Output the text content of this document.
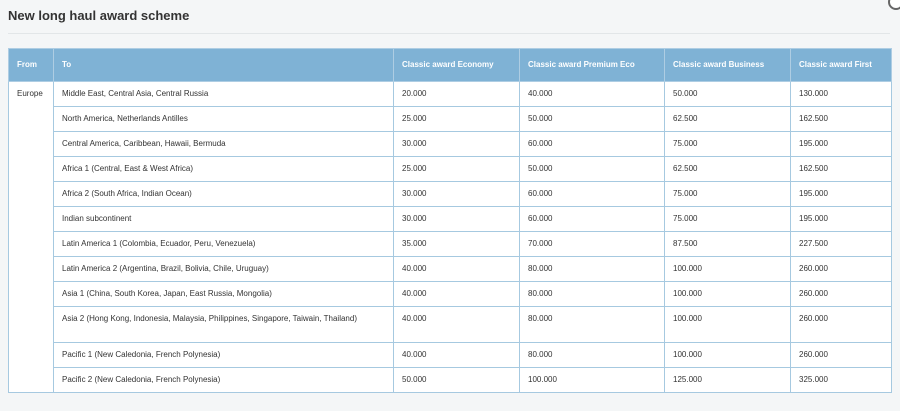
New long haul award scheme
From	To	Classic award Economy	Classic award Premium Eco	Classic award Business	Classic award First
Europe	Middle East, Central Asia, Central Russia	20.000	40.000	50.000	130.000
	North America, Netherlands Antilles	25.000	50.000	62.500	162.500
	Central America, Caribbean, Hawaii, Bermuda	30.000	60.000	75.000	195.000
	Africa 1 (Central, East & West Africa)	25.000	50.000	62.500	162.500
	Africa 2 (South Africa, Indian Ocean)	30.000	60.000	75.000	195.000
	Indian subcontinent	30.000	60.000	75.000	195.000
	Latin America 1 (Colombia, Ecuador, Peru, Venezuela)	35.000	70.000	87.500	227.500
	Latin America 2 (Argentina, Brazil, Bolivia, Chile, Uruguay)	40.000	80.000	100.000	260.000
	Asia 1 (China, South Korea, Japan, East Russia, Mongolia)	40.000	80.000	100.000	260.000
	Asia 2 (Hong Kong, Indonesia, Malaysia, Philippines, Singapore, Taiwain, Thailand)	40.000	80.000	100.000	260.000
	Pacific 1 (New Caledonia, French Polynesia)	40.000	80.000	100.000	260.000
	Pacific 2 (New Caledonia, French Polynesia)	50.000	100.000	125.000	325.000
